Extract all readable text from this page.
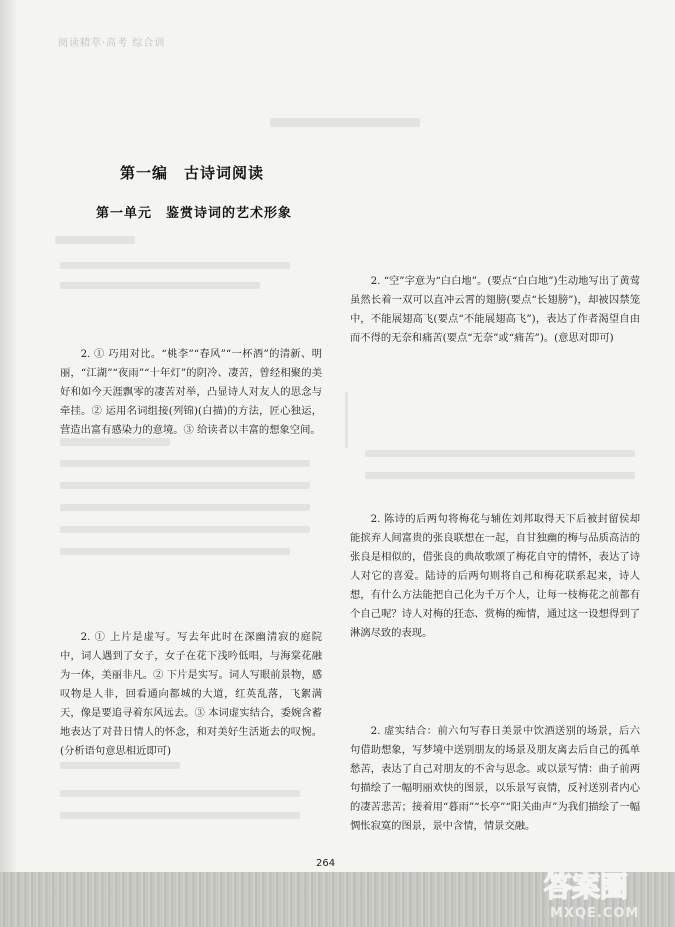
阅读精萃·高考 综合训
第一编　古诗词阅读
第一单元　鉴赏诗词的艺术形象

2. ① 巧用对比。“桃李”“春风”“一杯酒”的清新、明丽，“江湖”“夜雨”“十年灯”的阴冷、凄苦，曾经相聚的美好和如今天涯飘零的凄苦对举，凸显诗人对友人的思念与牵挂。② 运用名词组接(列锦)(白描)的方法，匠心独运，营造出富有感染力的意境。③ 给读者以丰富的想象空间。

2. ① 上片是虚写。写去年此时在深幽清寂的庭院中，词人遇到了女子，女子在花下浅吟低唱，与海棠花融为一体，美丽非凡。② 下片是实写。词人写眼前景物，感叹物是人非，回看通向都城的大道，红英乱落，飞絮满天，像是要追寻着东风远去。③ 本词虚实结合，委婉含蓄地表达了对昔日情人的怀念，和对美好生活逝去的叹惋。(分析语句意思相近即可)

2. “空”字意为“白白地”。(要点“白白地”)生动地写出了黄莺虽然长着一双可以直冲云霄的翅膀(要点“长翅膀”)，却被囚禁笼中，不能展翅高飞(要点“不能展翅高飞”)，表达了作者渴望自由而不得的无奈和痛苦(要点“无奈”或“痛苦”)。(意思对即可)

2. 陈诗的后两句将梅花与辅佐刘邦取得天下后被封留侯却能摈弃人间富贵的张良联想在一起，自甘独幽的梅与品质高洁的张良是相似的，借张良的典故歌颂了梅花自守的情怀，表达了诗人对它的喜爱。陆诗的后两句则将自己和梅花联系起来，诗人想，有什么方法能把自己化为千万个人，让每一枝梅花之前都有个自己呢？诗人对梅的狂态、赏梅的痴情，通过这一设想得到了淋漓尽致的表现。

2. 虚实结合：前六句写春日美景中饮酒送别的场景，后六句借助想象，写梦境中送别朋友的场景及朋友离去后自己的孤单愁苦，表达了自己对朋友的不舍与思念。或以景写情：曲子前两句描绘了一幅明丽欢快的图景，以乐景写哀情，反衬送别者内心的凄苦悲苦；接着用“暮雨”“长亭”“阳关曲声”为我们描绘了一幅惆怅寂寞的图景，景中含情，情景交融。

264
答案圈
MXQE.COM
